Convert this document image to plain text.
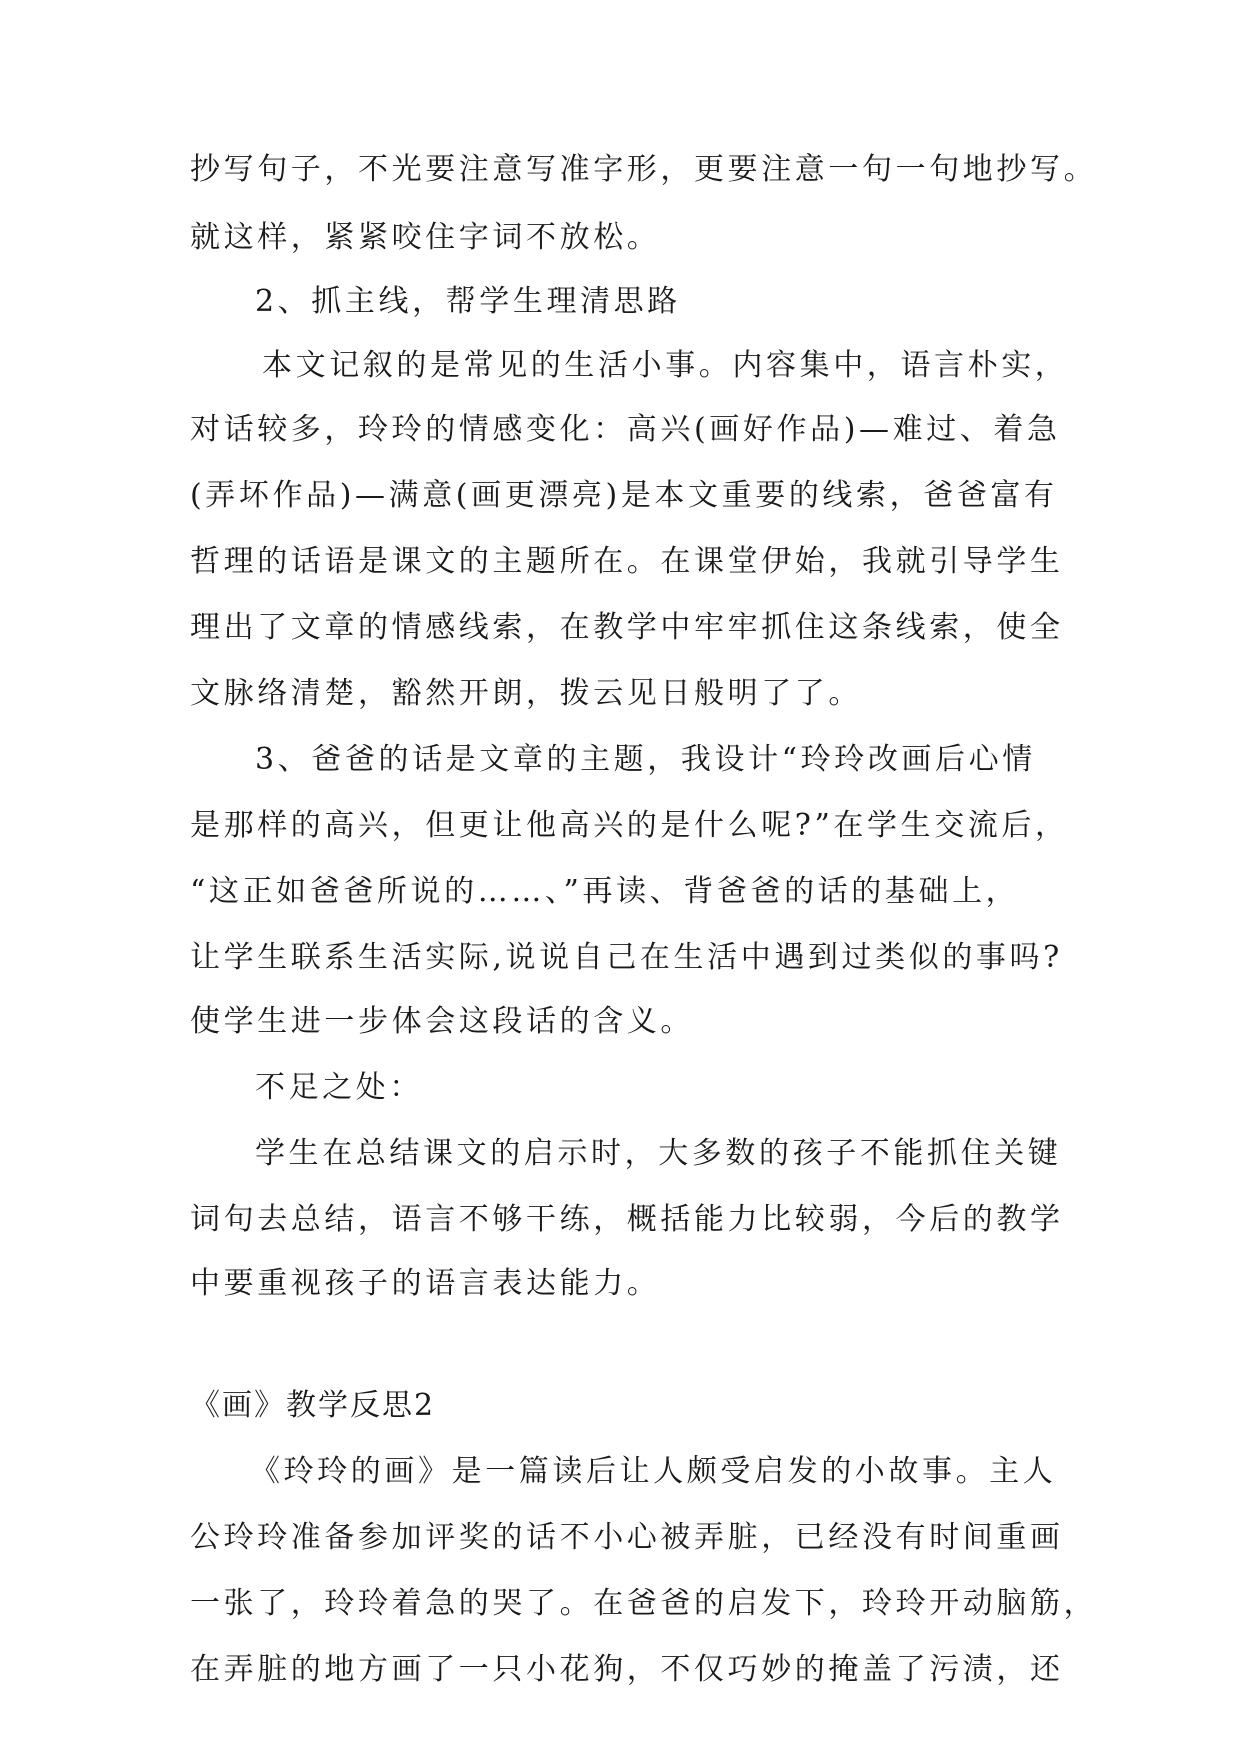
抄写句子，不光要注意写准字形，更要注意一句一句地抄写。
就这样，紧紧咬住字词不放松。
2、抓主线，帮学生理清思路
本文记叙的是常见的生活小事。内容集中，语言朴实，
对话较多，玲玲的情感变化：高兴(画好作品)—难过、着急
(弄坏作品)—满意(画更漂亮)是本文重要的线索，爸爸富有
哲理的话语是课文的主题所在。在课堂伊始，我就引导学生
理出了文章的情感线索，在教学中牢牢抓住这条线索，使全
文脉络清楚，豁然开朗，拨云见日般明了了。
3、爸爸的话是文章的主题，我设计“玲玲改画后心情
是那样的高兴，但更让他高兴的是什么呢?”在学生交流后，
“这正如爸爸所说的……、”再读、背爸爸的话的基础上，
让学生联系生活实际,说说自己在生活中遇到过类似的事吗?
使学生进一步体会这段话的含义。
不足之处：
学生在总结课文的启示时，大多数的孩子不能抓住关键
词句去总结，语言不够干练，概括能力比较弱，今后的教学
中要重视孩子的语言表达能力。
《画》教学反思2
《玲玲的画》是一篇读后让人颇受启发的小故事。主人
公玲玲准备参加评奖的话不小心被弄脏，已经没有时间重画
一张了，玲玲着急的哭了。在爸爸的启发下，玲玲开动脑筋，
在弄脏的地方画了一只小花狗，不仅巧妙的掩盖了污渍，还
